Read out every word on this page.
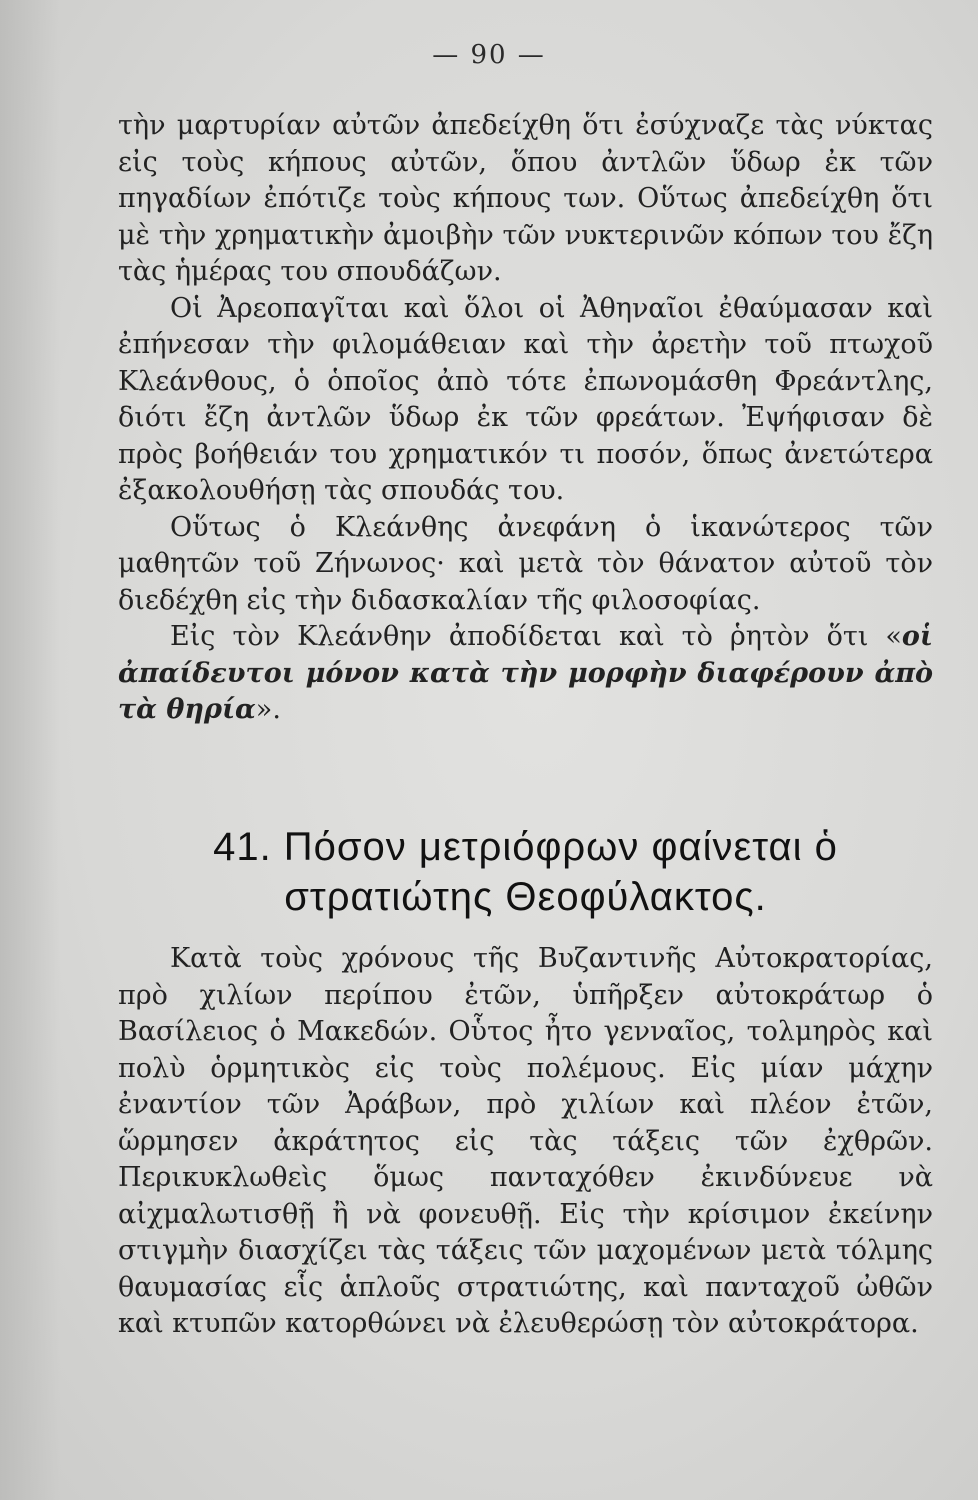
— 90 —

τὴν μαρτυρίαν αὐτῶν ἀπεδείχθη ὅτι ἐσύχναζε τὰς νύκτας εἰς τοὺς κήπους αὐτῶν, ὅπου ἀντλῶν ὕδωρ ἐκ τῶν πηγαδίων ἐπότιζε τοὺς κήπους των. Οὕτως ἀπεδείχθη ὅτι μὲ τὴν χρηματικὴν ἀμοιβὴν τῶν νυκτερινῶν κόπων του ἔζη τὰς ἡμέρας του σπουδάζων.

Οἱ Ἀρεοπαγῖται καὶ ὅλοι οἱ Ἀθηναῖοι ἐθαύμασαν καὶ ἐπήνεσαν τὴν φιλομάθειαν καὶ τὴν ἀρετὴν τοῦ πτωχοῦ Κλεάνθους, ὁ ὁποῖος ἀπὸ τότε ἐπωνομάσθη Φρεάντλης, διότι ἔζη ἀντλῶν ὕδωρ ἐκ τῶν φρεάτων. Ἐψήφισαν δὲ πρὸς βοήθειάν του χρηματικόν τι ποσόν, ὅπως ἀνετώτερα ἐξακολουθήσῃ τὰς σπουδάς του.

Οὕτως ὁ Κλεάνθης ἀνεφάνη ὁ ἱκανώτερος τῶν μαθητῶν τοῦ Ζήνωνος· καὶ μετὰ τὸν θάνατον αὐτοῦ τὸν διεδέχθη εἰς τὴν διδασκαλίαν τῆς φιλοσοφίας.

Εἰς τὸν Κλεάνθην ἀποδίδεται καὶ τὸ ῥητὸν ὅτι «οἱ ἀπαίδευτοι μόνον κατὰ τὴν μορφὴν διαφέρουν ἀπὸ τὰ θηρία».

41. Πόσον μετριόφρων φαίνεται ὁ στρατιώτης Θεοφύλακτος.

Κατὰ τοὺς χρόνους τῆς Βυζαντινῆς Αὐτοκρατορίας, πρὸ χιλίων περίπου ἐτῶν, ὑπῆρξεν αὐτοκράτωρ ὁ Βασίλειος ὁ Μακεδών. Οὗτος ἦτο γενναῖος, τολμηρὸς καὶ πολὺ ὁρμητικὸς εἰς τοὺς πολέμους. Εἰς μίαν μάχην ἐναντίον τῶν Ἀράβων, πρὸ χιλίων καὶ πλέον ἐτῶν, ὥρμησεν ἀκράτητος εἰς τὰς τάξεις τῶν ἐχθρῶν. Περικυκλωθεὶς ὅμως πανταχόθεν ἐκινδύνευε νὰ αἰχμαλωτισθῇ ἢ νὰ φονευθῇ. Εἰς τὴν κρίσιμον ἐκείνην στιγμὴν διασχίζει τὰς τάξεις τῶν μαχομένων μετὰ τόλμης θαυμασίας εἷς ἁπλοῦς στρατιώτης, καὶ πανταχοῦ ὠθῶν καὶ κτυπῶν κατορθώνει νὰ ἐλευθερώσῃ τὸν αὐτοκράτορα.
